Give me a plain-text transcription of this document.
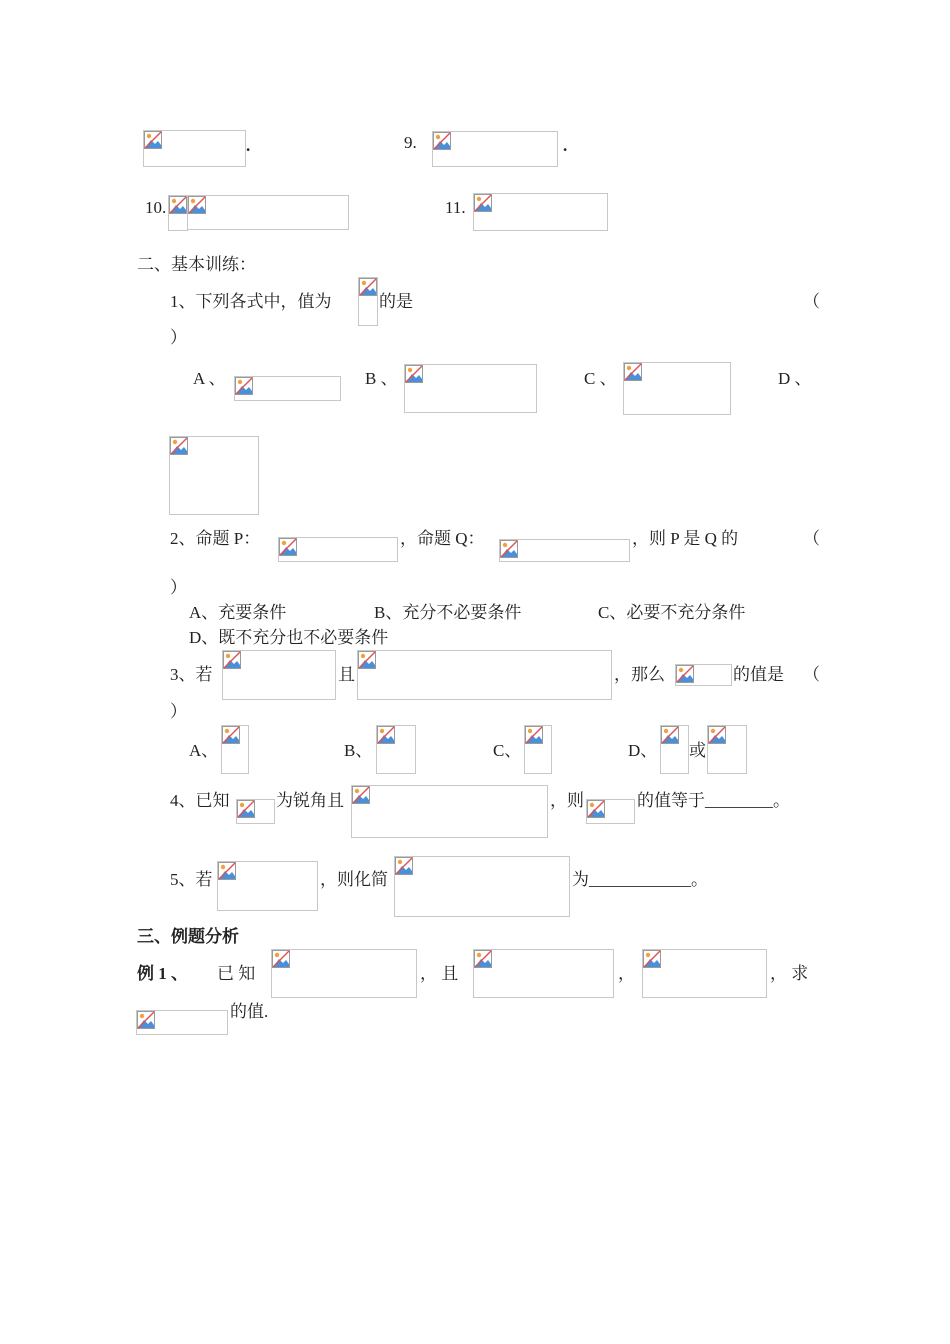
.	9.	.
10.	11.
二、基本训练：
1、下列各式中，值为	的是	（
）
A 、	B 、	C 、	D 、
2、命题 P：	，命题 Q：	，则 P 是 Q 的	（
）
A、充要条件	B、充分不必要条件	C、必要不充分条件
D、既不充分也不必要条件
3、若	且	，那么	的值是 （
）
A、	B、	C、	D、 或
4、已知	为锐角且	，则	的值等于________。
5、若	，则化简	为____________。
三、例题分析
例 1 、 已 知	， 且	，	， 求
的值.
